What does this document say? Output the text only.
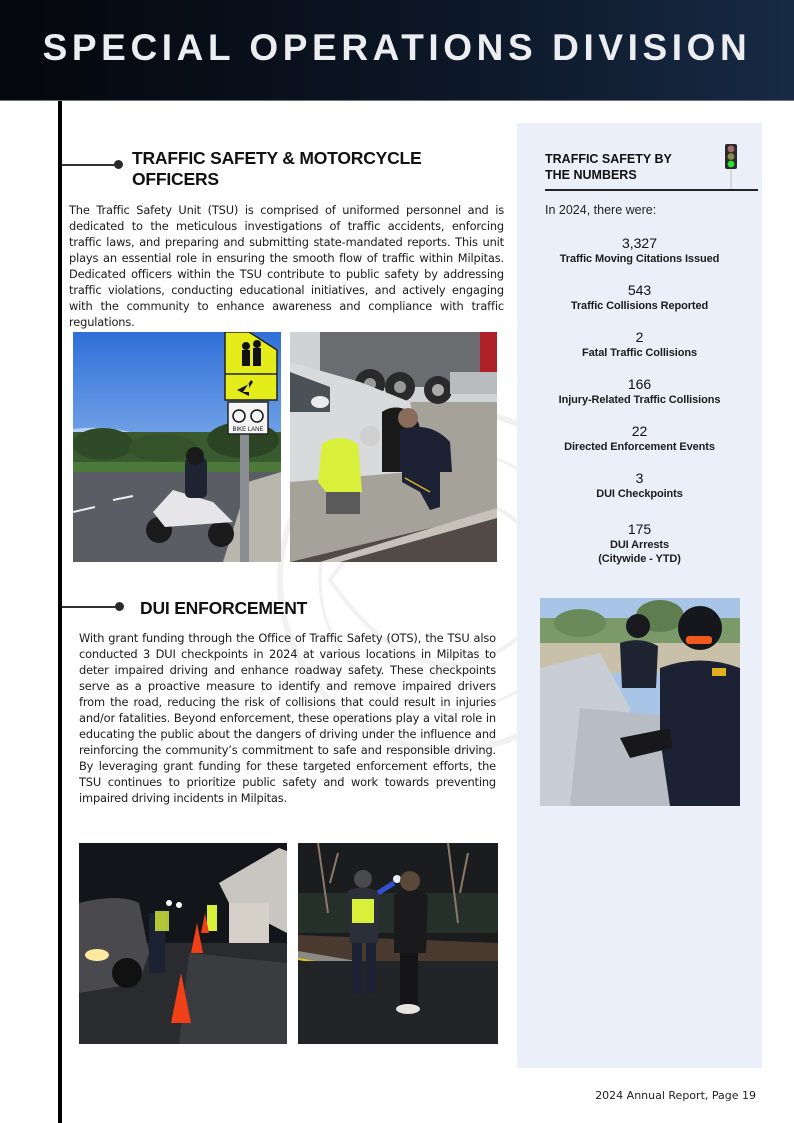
SPECIAL OPERATIONS DIVISION
TRAFFIC SAFETY & MOTORCYCLE
OFFICERS
The Traffic Safety Unit (TSU) is comprised of uniformed personnel and is dedicated to the meticulous investigations of traffic accidents, enforcing traffic laws, and preparing and submitting state-mandated reports. This unit plays an essential role in ensuring the smooth flow of traffic within Milpitas. Dedicated officers within the TSU contribute to public safety by addressing traffic violations, conducting educational initiatives, and actively engaging with the community to enhance awareness and compliance with traffic regulations.
BIKE LANE
DUI ENFORCEMENT
With grant funding through the Office of Traffic Safety (OTS), the TSU also conducted 3 DUI checkpoints in 2024 at various locations in Milpitas to deter impaired driving and enhance roadway safety. These checkpoints serve as a proactive measure to identify and remove impaired drivers from the road, reducing the risk of collisions that could result in injuries and/or fatalities. Beyond enforcement, these operations play a vital role in educating the public about the dangers of driving under the influence and reinforcing the community’s commitment to safe and responsible driving. By leveraging grant funding for these targeted enforcement efforts, the TSU continues to prioritize public safety and work towards preventing impaired driving incidents in Milpitas.
TRAFFIC SAFETY BY
THE NUMBERS
In 2024, there were:
3,327
Traffic Moving Citations Issued
543
Traffic Collisions Reported
2
Fatal Traffic Collisions
166
Injury-Related Traffic Collisions
22
Directed Enforcement Events
3
DUI Checkpoints
175
DUI Arrests
(Citywide - YTD)
2024 Annual Report, Page 19
